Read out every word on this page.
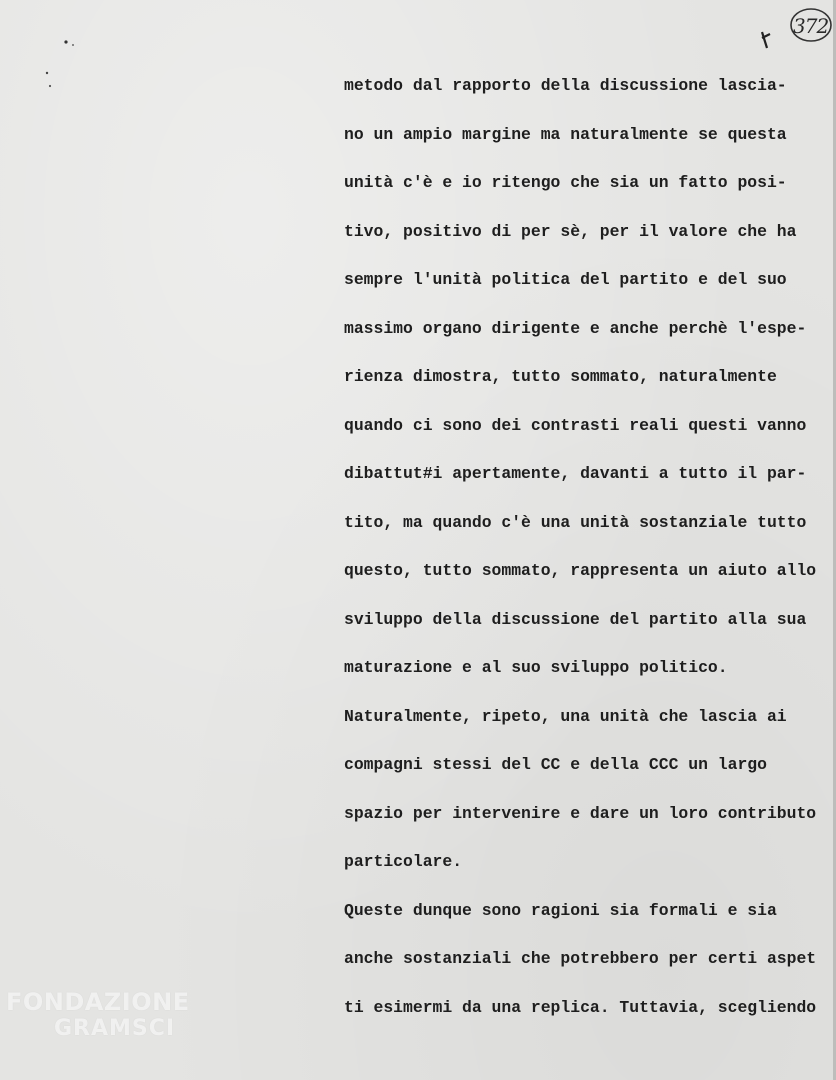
372
metodo dal rapporto della discussione lascia-
no un ampio margine ma naturalmente se questa
unità c'è e io ritengo che sia un fatto posi-
tivo, positivo di per sè, per il valore che ha
sempre l'unità politica del partito e del suo
massimo organo dirigente e anche perchè l'espe-
rienza dimostra, tutto sommato, naturalmente
quando ci sono dei contrasti reali questi vanno
dibattut#i apertamente, davanti a tutto il par-
tito, ma quando c'è una unità sostanziale tutto
questo, tutto sommato, rappresenta un aiuto allo
sviluppo della discussione del partito alla sua
maturazione e al suo sviluppo politico.
Naturalmente, ripeto, una unità che lascia ai
compagni stessi del CC e della CCC un largo
spazio per intervenire e dare un loro contributo
particolare.
Queste dunque sono ragioni sia formali e sia
anche sostanziali che potrebbero per certi aspet
ti esimermi da una replica. Tuttavia, scegliendo
FONDAZIONE
GRAMSCI
